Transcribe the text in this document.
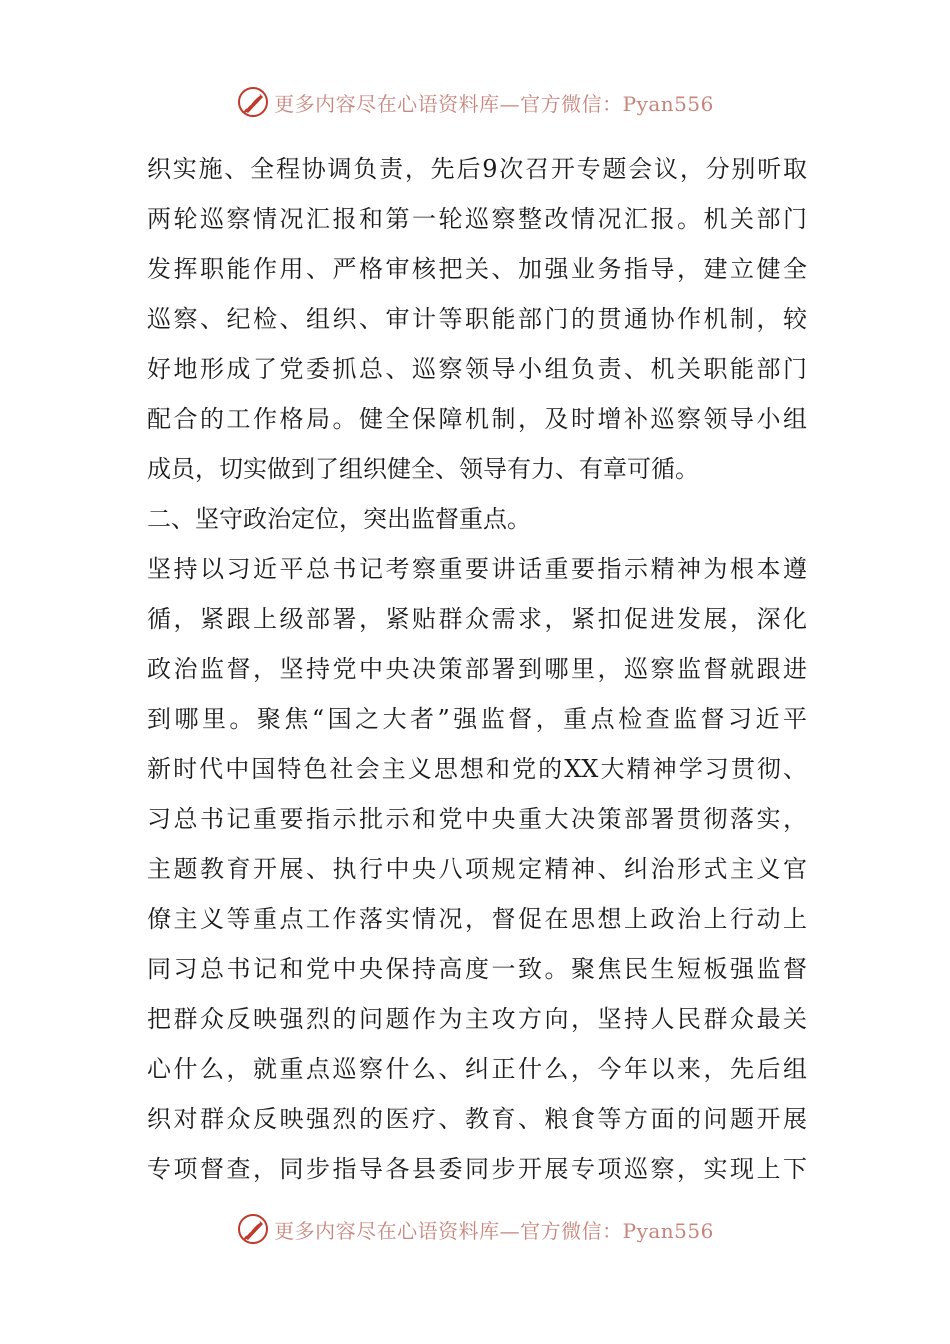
更多内容尽在心语资料库—官方微信：Pyan556
织实施、全程协调负责，先后9次召开专题会议，分别听取
两轮巡察情况汇报和第一轮巡察整改情况汇报。机关部门
发挥职能作用、严格审核把关、加强业务指导，建立健全
巡察、纪检、组织、审计等职能部门的贯通协作机制，较
好地形成了党委抓总、巡察领导小组负责、机关职能部门
配合的工作格局。健全保障机制，及时增补巡察领导小组
成员，切实做到了组织健全、领导有力、有章可循。
二、坚守政治定位，突出监督重点。
坚持以习近平总书记考察重要讲话重要指示精神为根本遵
循，紧跟上级部署，紧贴群众需求，紧扣促进发展，深化
政治监督，坚持党中央决策部署到哪里，巡察监督就跟进
到哪里。聚焦“国之大者”强监督，重点检查监督习近平
新时代中国特色社会主义思想和党的XX大精神学习贯彻、
习总书记重要指示批示和党中央重大决策部署贯彻落实，
主题教育开展、执行中央八项规定精神、纠治形式主义官
僚主义等重点工作落实情况，督促在思想上政治上行动上
同习总书记和党中央保持高度一致。聚焦民生短板强监督
把群众反映强烈的问题作为主攻方向，坚持人民群众最关
心什么，就重点巡察什么、纠正什么，今年以来，先后组
织对群众反映强烈的医疗、教育、粮食等方面的问题开展
专项督查，同步指导各县委同步开展专项巡察，实现上下
更多内容尽在心语资料库—官方微信：Pyan556
